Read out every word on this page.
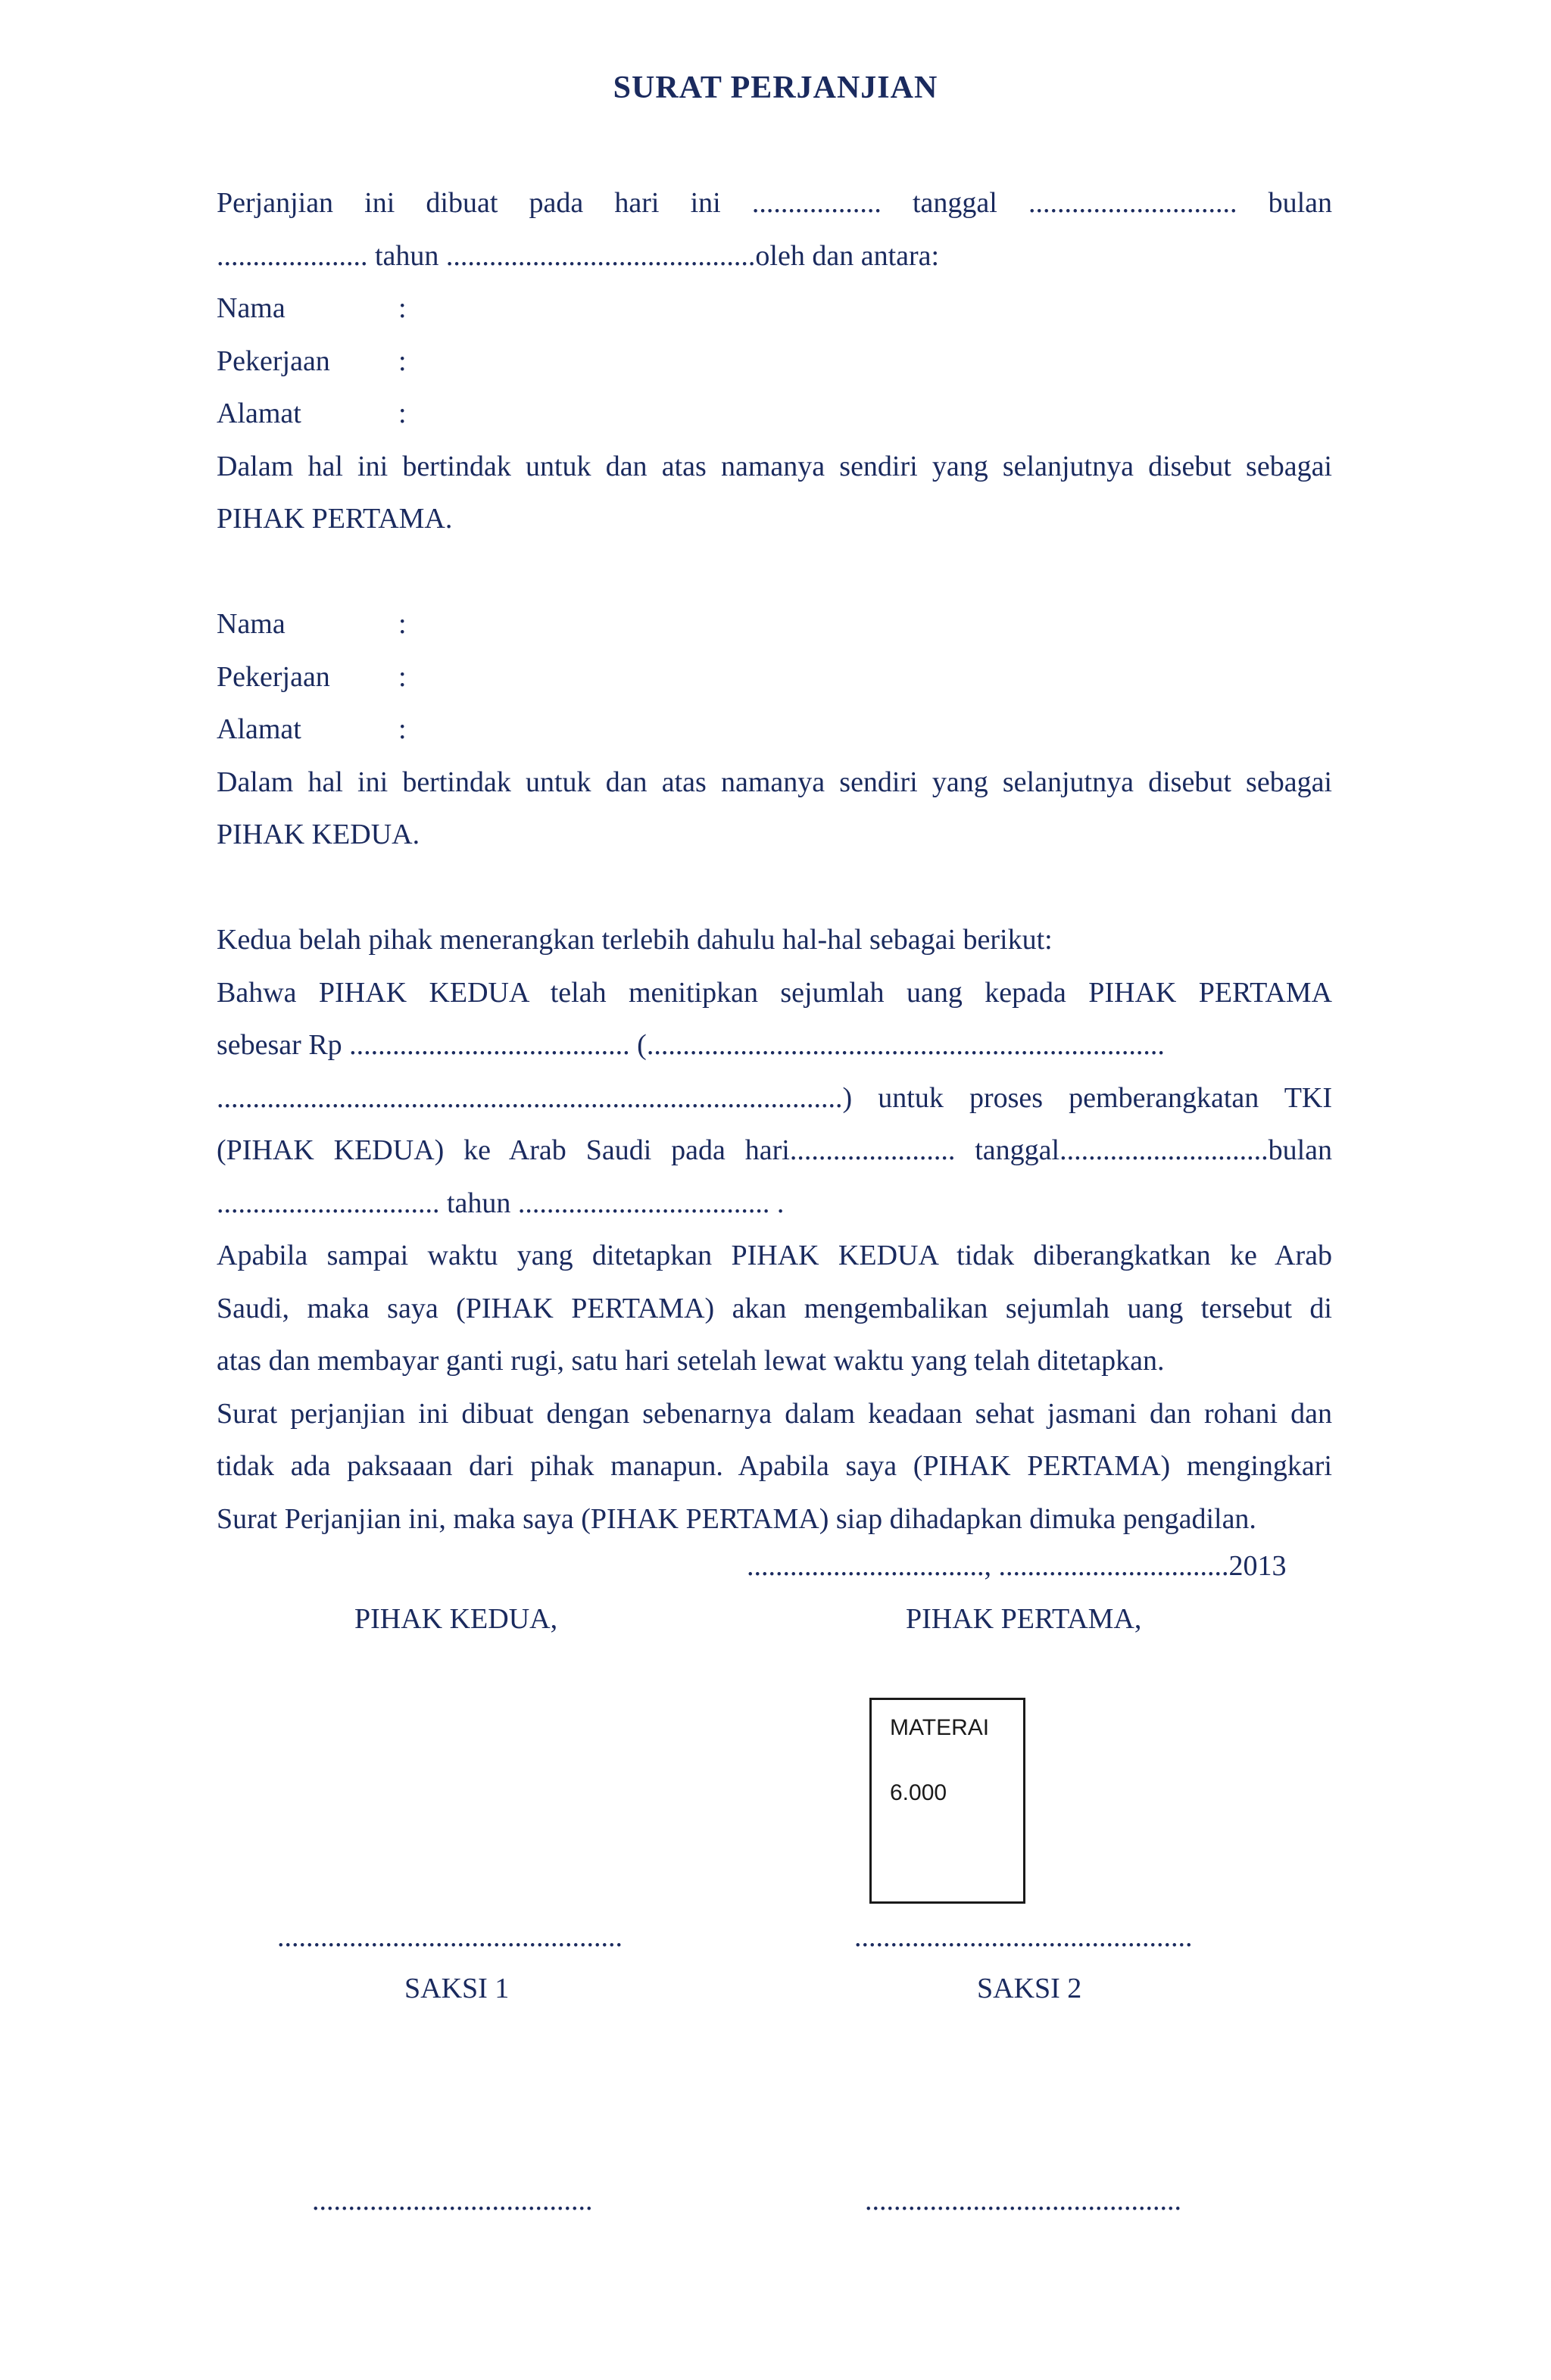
SURAT PERJANJIAN

Perjanjian ini dibuat pada hari ini .................. tanggal ............................. bulan

..................... tahun ...........................................oleh dan antara:

Nama	:
Pekerjaan	:
Alamat	:

Dalam hal ini bertindak untuk dan atas namanya sendiri yang selanjutnya disebut sebagai

PIHAK PERTAMA.

Nama	:
Pekerjaan	:
Alamat	:

Dalam hal ini bertindak untuk dan atas namanya sendiri yang selanjutnya disebut sebagai

PIHAK KEDUA.

Kedua belah pihak menerangkan terlebih dahulu hal-hal sebagai berikut:

Bahwa PIHAK KEDUA telah menitipkan sejumlah uang kepada PIHAK PERTAMA

sebesar Rp ....................................... (........................................................................

.......................................................................................) untuk proses pemberangkatan TKI

(PIHAK KEDUA) ke Arab Saudi pada hari....................... tanggal.............................bulan

............................... tahun ................................... .

Apabila sampai waktu yang ditetapkan PIHAK KEDUA tidak diberangkatkan ke Arab

Saudi, maka saya (PIHAK PERTAMA) akan mengembalikan sejumlah uang tersebut di

atas dan membayar ganti rugi, satu hari setelah lewat waktu yang telah ditetapkan.

Surat perjanjian ini dibuat dengan sebenarnya dalam keadaan sehat jasmani dan rohani dan

tidak ada paksaaan dari pihak manapun. Apabila saya (PIHAK PERTAMA) mengingkari

Surat Perjanjian ini, maka saya (PIHAK PERTAMA) siap dihadapkan dimuka pengadilan.

................................., ................................2013
PIHAK KEDUA,	PIHAK PERTAMA,
MATERAI
6.000
................................................	...............................................
SAKSI 1	SAKSI 2
.......................................	............................................
